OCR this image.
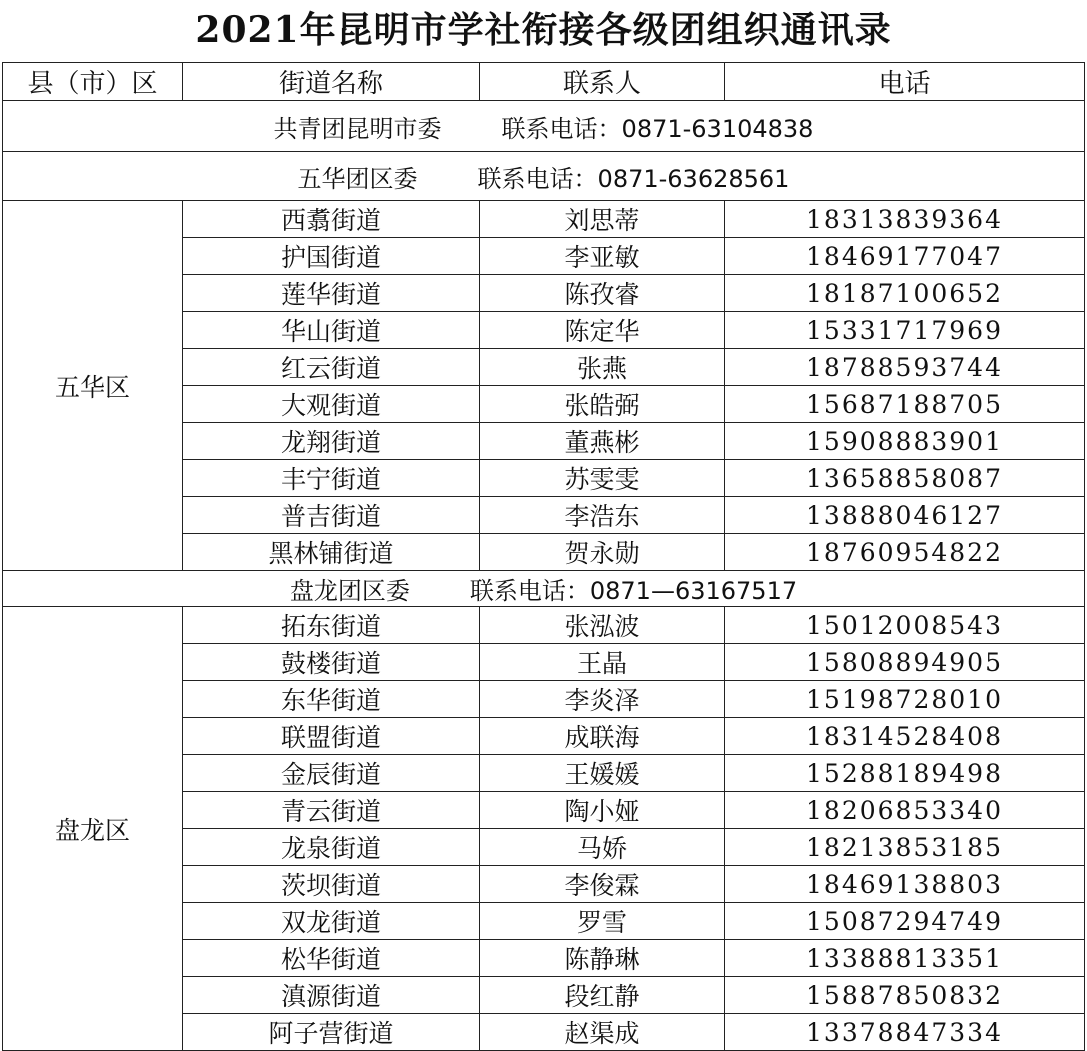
2021年昆明市学社衔接各级团组织通讯录
县（市）区	街道名称	联系人	电话
共青团昆明市委 联系电话：0871-63104838			
五华团区委 联系电话：0871-63628561			
五华区	西翥街道	刘思蒂	18313839364
	护国街道	李亚敏	18469177047
	莲华街道	陈孜睿	18187100652
	华山街道	陈定华	15331717969
	红云街道	张燕	18788593744
	大观街道	张皓弼	15687188705
	龙翔街道	董燕彬	15908883901
	丰宁街道	苏雯雯	13658858087
	普吉街道	李浩东	13888046127
	黑林铺街道	贺永勋	18760954822
盘龙团区委 联系电话：0871—63167517			
盘龙区	拓东街道	张泓波	15012008543
	鼓楼街道	王晶	15808894905
	东华街道	李炎泽	15198728010
	联盟街道	成联海	18314528408
	金辰街道	王媛媛	15288189498
	青云街道	陶小娅	18206853340
	龙泉街道	马娇	18213853185
	茨坝街道	李俊霖	18469138803
	双龙街道	罗雪	15087294749
	松华街道	陈静琳	13388813351
	滇源街道	段红静	15887850832
	阿子营街道	赵渠成	13378847334
